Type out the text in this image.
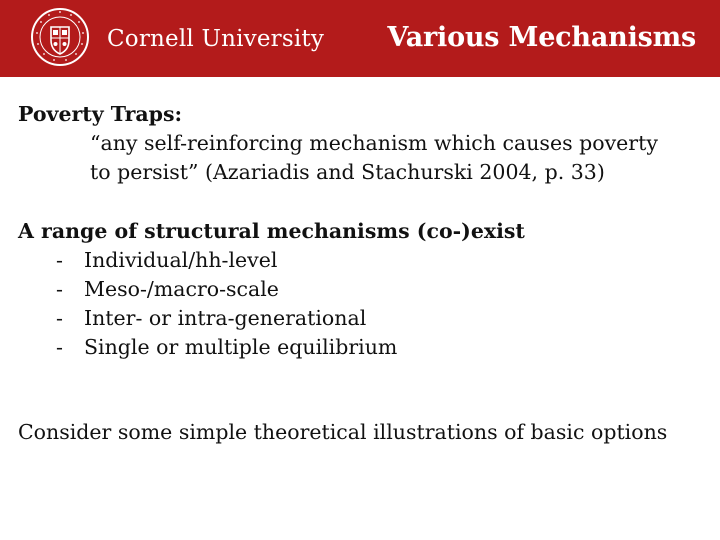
Cornell University Various Mechanisms
Poverty Traps:
“any self-reinforcing mechanism which causes poverty
to persist” (Azariadis and Stachurski 2004, p. 33)
A range of structural mechanisms (co-)exist
-	Individual/hh-level
-	Meso-/macro-scale
-	Inter- or intra-generational
-	Single or multiple equilibrium
Consider some simple theoretical illustrations of basic options
